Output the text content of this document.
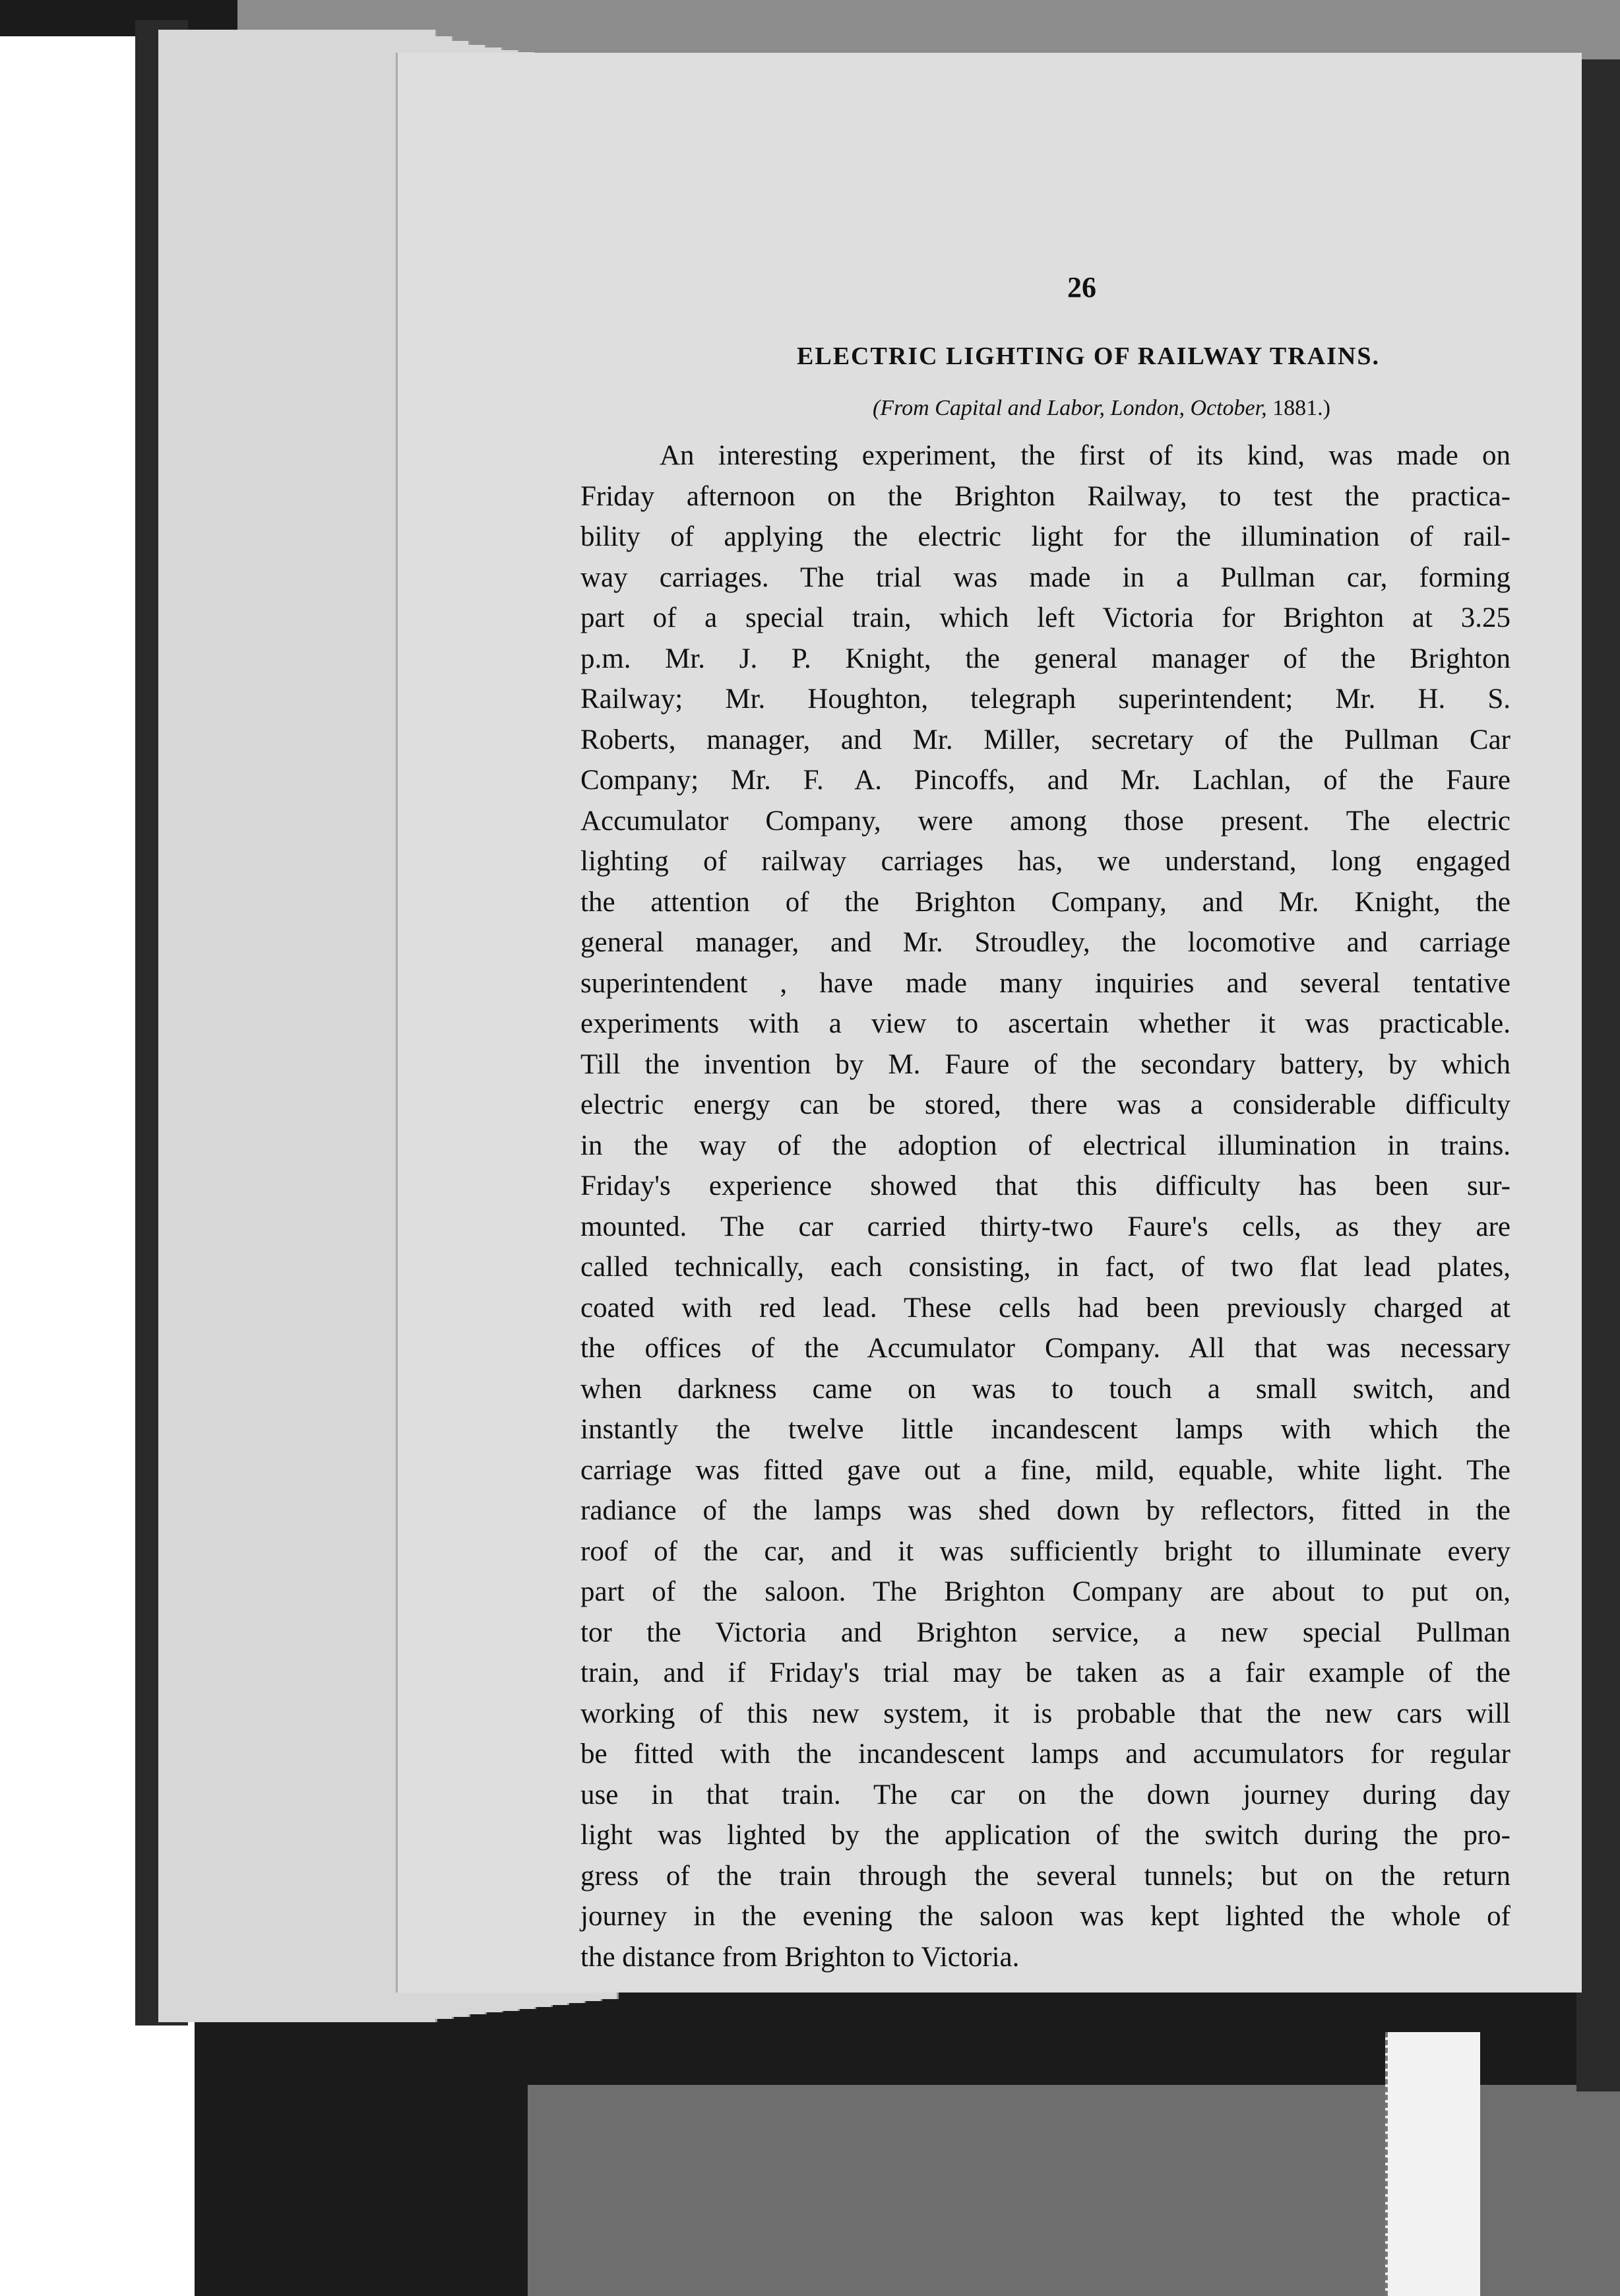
26
ELECTRIC LIGHTING OF RAILWAY TRAINS.
(From Capital and Labor, London, October, 1881.)
An interesting experiment, the first of its kind, was made on
Friday afternoon on the Brighton Railway, to test the practica-
bility of applying the electric light for the illumination of rail-
way carriages. The trial was made in a Pullman car, forming
part of a special train, which left Victoria for Brighton at 3.25
p.m. Mr. J. P. Knight, the general manager of the Brighton
Railway; Mr. Houghton, telegraph superintendent; Mr. H. S.
Roberts, manager, and Mr. Miller, secretary of the Pullman Car
Company; Mr. F. A. Pincoffs, and Mr. Lachlan, of the Faure
Accumulator Company, were among those present. The electric
lighting of railway carriages has, we understand, long engaged
the attention of the Brighton Company, and Mr. Knight, the
general manager, and Mr. Stroudley, the locomotive and carriage
superintendent , have made many inquiries and several tentative
experiments with a view to ascertain whether it was practicable.
Till the invention by M. Faure of the secondary battery, by which
electric energy can be stored, there was a considerable difficulty
in the way of the adoption of electrical illumination in trains.
Friday's experience showed that this difficulty has been sur-
mounted. The car carried thirty-two Faure's cells, as they are
called technically, each consisting, in fact, of two flat lead plates,
coated with red lead. These cells had been previously charged at
the offices of the Accumulator Company. All that was necessary
when darkness came on was to touch a small switch, and
instantly the twelve little incandescent lamps with which the
carriage was fitted gave out a fine, mild, equable, white light. The
radiance of the lamps was shed down by reflectors, fitted in the
roof of the car, and it was sufficiently bright to illuminate every
part of the saloon. The Brighton Company are about to put on,
tor the Victoria and Brighton service, a new special Pullman
train, and if Friday's trial may be taken as a fair example of the
working of this new system, it is probable that the new cars will
be fitted with the incandescent lamps and accumulators for regular
use in that train. The car on the down journey during day
light was lighted by the application of the switch during the pro-
gress of the train through the several tunnels; but on the return
journey in the evening the saloon was kept lighted the whole of
the distance from Brighton to Victoria.
